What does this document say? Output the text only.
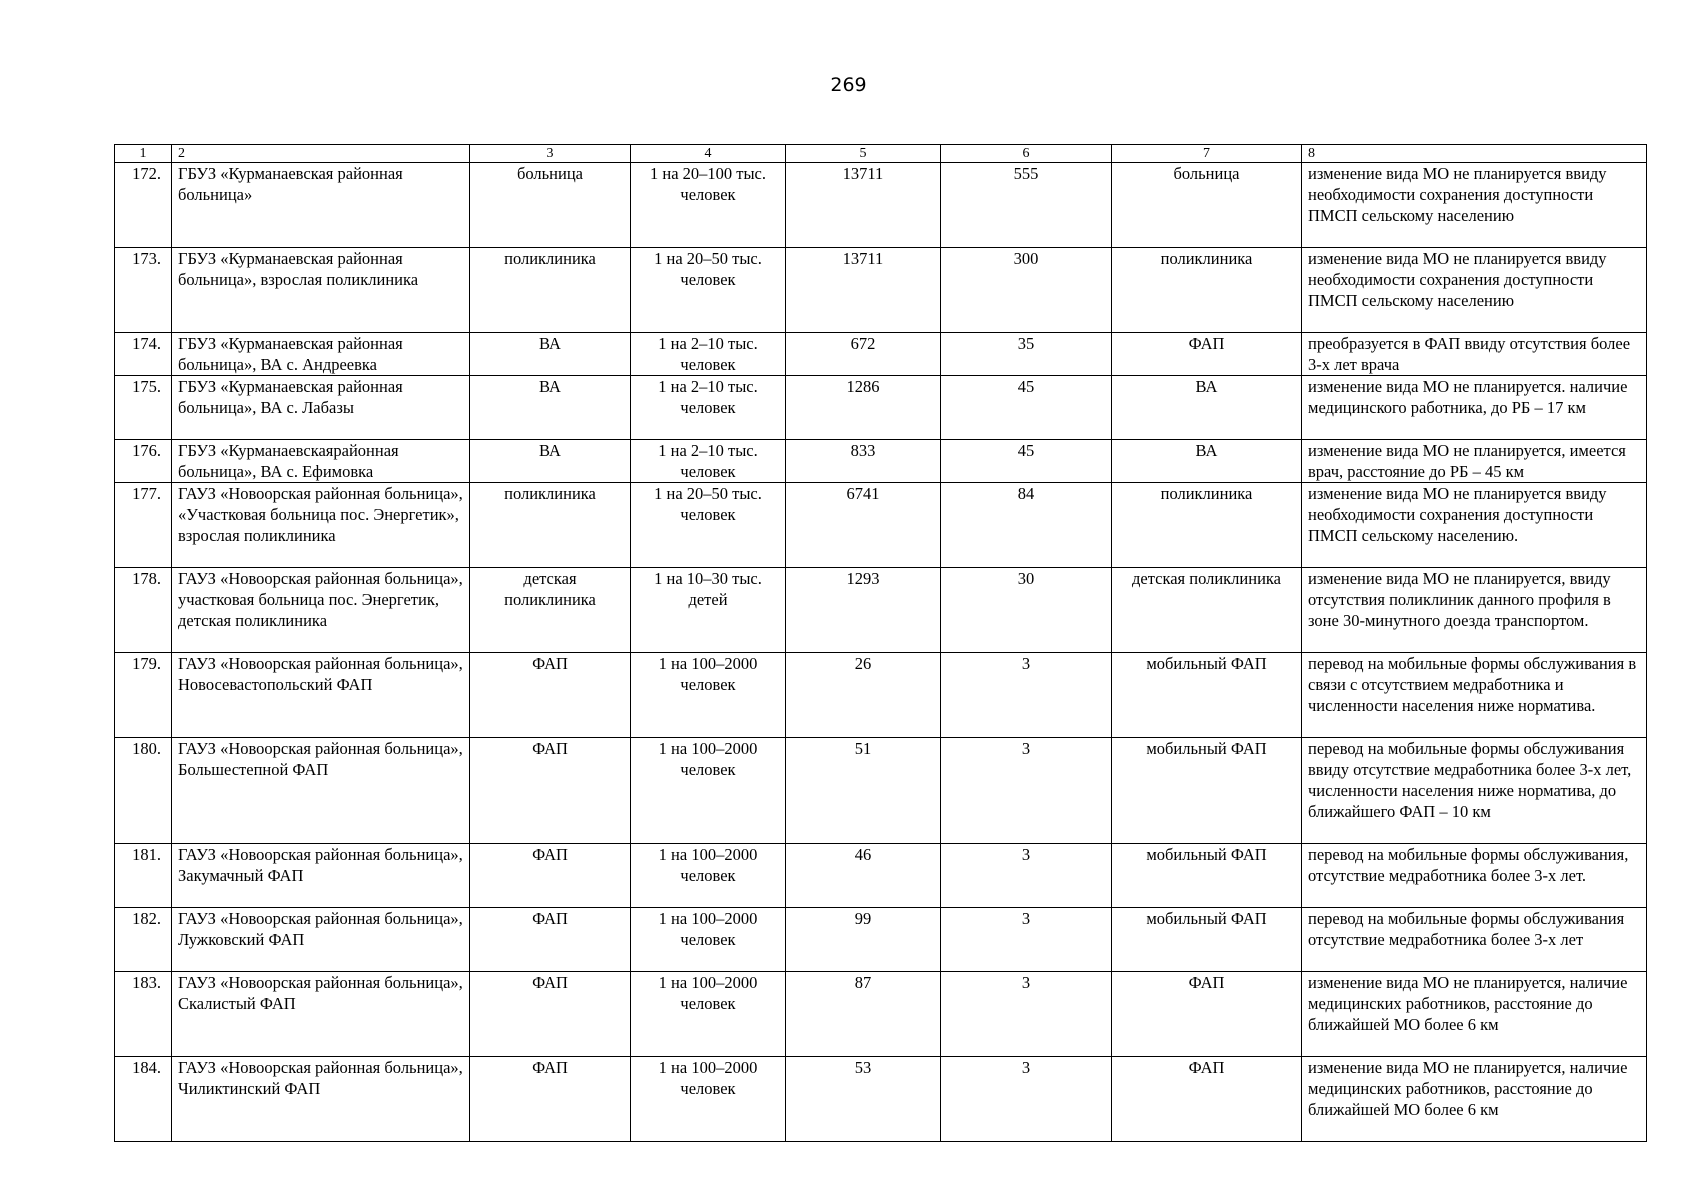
269
1	2	3	4	5	6	7	8
172.	ГБУЗ «Курманаевская районная больница»	больница	1 на 20–100 тыс. человек	13711	555	больница	изменение вида МО не планируется ввиду необходимости сохранения доступности ПМСП сельскому населению
173.	ГБУЗ «Курманаевская районная больница», взрослая поликлиника	поликлиника	1 на 20–50 тыс. человек	13711	300	поликлиника	изменение вида МО не планируется ввиду необходимости сохранения доступности ПМСП сельскому населению
174.	ГБУЗ «Курманаевская районная больница», ВА с. Андреевка	ВА	1 на 2–10 тыс. человек	672	35	ФАП	преобразуется в ФАП ввиду отсутствия более 3-х лет врача
175.	ГБУЗ «Курманаевская районная больница», ВА с. Лабазы	ВА	1 на 2–10 тыс. человек	1286	45	ВА	изменение вида МО не планируется. наличие медицинского работника, до РБ – 17 км
176.	ГБУЗ «Курманаевскаярайонная больница», ВА с. Ефимовка	ВА	1 на 2–10 тыс. человек	833	45	ВА	изменение вида МО не планируется, имеется врач, расстояние до РБ – 45 км
177.	ГАУЗ «Новоорская районная больница», «Участковая больница пос. Энергетик», взрослая поликлиника	поликлиника	1 на 20–50 тыс. человек	6741	84	поликлиника	изменение вида МО не планируется ввиду необходимости сохранения доступности ПМСП сельскому населению.
178.	ГАУЗ «Новоорская районная больница», участковая больница пос. Энергетик, детская поликлиника	детская поликлиника	1 на 10–30 тыс. детей	1293	30	детская поликлиника	изменение вида МО не планируется, ввиду отсутствия поликлиник данного профиля в зоне 30-минутного доезда транспортом.
179.	ГАУЗ «Новоорская районная больница», Новосевастопольский ФАП	ФАП	1 на 100–2000 человек	26	3	мобильный ФАП	перевод на мобильные формы обслуживания в связи с отсутствием медработника и численности населения ниже норматива.
180.	ГАУЗ «Новоорская районная больница», Большестепной ФАП	ФАП	1 на 100–2000 человек	51	3	мобильный ФАП	перевод на мобильные формы обслуживания ввиду отсутствие медработника более 3-х лет, численности населения ниже норматива, до ближайшего ФАП – 10 км
181.	ГАУЗ «Новоорская районная больница», Закумачный ФАП	ФАП	1 на 100–2000 человек	46	3	мобильный ФАП	перевод на мобильные формы обслуживания, отсутствие медработника более 3-х лет.
182.	ГАУЗ «Новоорская районная больница», Лужковский ФАП	ФАП	1 на 100–2000 человек	99	3	мобильный ФАП	перевод на мобильные формы обслуживания отсутствие медработника более 3-х лет
183.	ГАУЗ «Новоорская районная больница», Скалистый ФАП	ФАП	1 на 100–2000 человек	87	3	ФАП	изменение вида МО не планируется, наличие медицинских работников, расстояние до ближайшей МО более 6 км
184.	ГАУЗ «Новоорская районная больница», Чиликтинский ФАП	ФАП	1 на 100–2000 человек	53	3	ФАП	изменение вида МО не планируется, наличие медицинских работников, расстояние до ближайшей МО более 6 км
